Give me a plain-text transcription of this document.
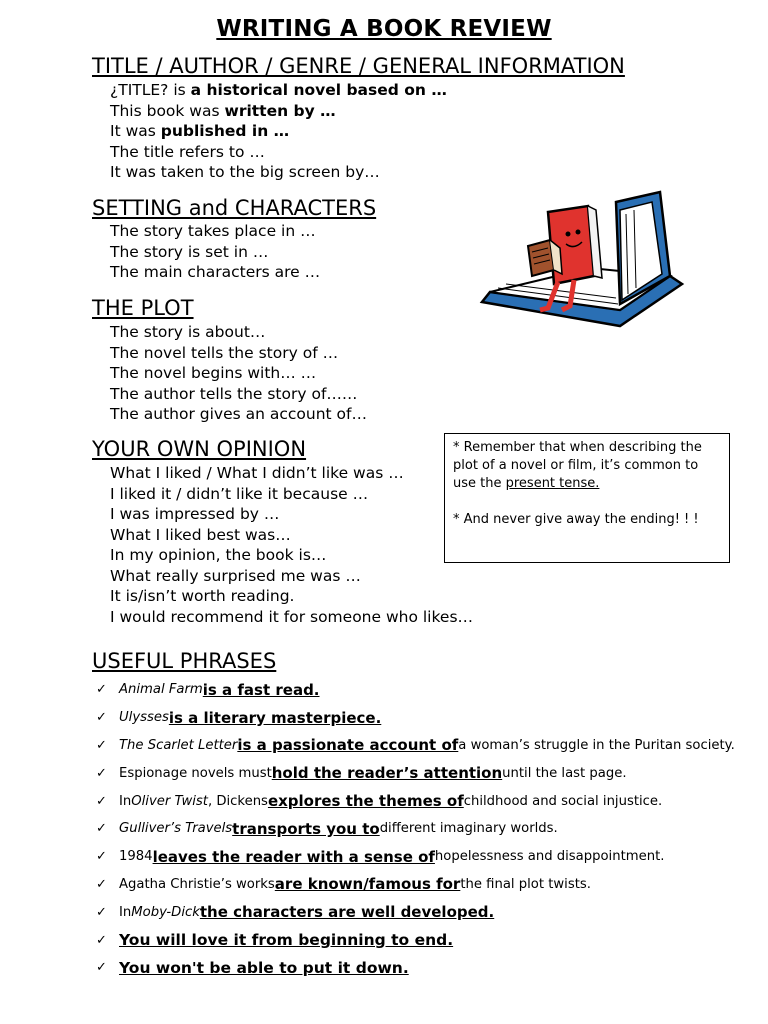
WRITING A BOOK REVIEW
TITLE / AUTHOR / GENRE / GENERAL INFORMATION
¿TITLE? is a historical novel based on …
This book was written by …
It was published in …
The title refers to …
It was taken to the big screen by…
SETTING and CHARACTERS
The story takes place in …
The story is set in …
The main characters are …
THE PLOT
The story is about…
The novel tells the story of …
The novel begins with… …
The author tells the story of……
The author gives an account of…
YOUR OWN OPINION
What I liked / What I didn’t like was …
I liked it / didn’t like it because …
I was impressed by …
What I liked best was…
In my opinion, the book is…
What really surprised me was …
It is/isn’t worth reading.
I would recommend it for someone who likes…

* Remember that when describing the plot of a novel or film, it’s common to use the present tense.

* And never give away the ending! ! !

USEFUL PHRASES
✓ Animal Farm is a fast read.
✓ Ulysses is a literary masterpiece.
✓ The Scarlet Letter is a passionate account of a woman’s struggle in the Puritan society.
✓ Espionage novels must hold the reader’s attention until the last page.
✓ In Oliver Twist , Dickens explores the themes of childhood and social injustice.
✓ Gulliver’s Travels transports you to different imaginary worlds.
✓ 1984 leaves the reader with a sense of hopelessness and disappointment.
✓ Agatha Christie’s works are known/famous for the final plot twists.
✓ In Moby-Dick the characters are well developed.
✓ You will love it from beginning to end.
✓ You won't be able to put it down.
